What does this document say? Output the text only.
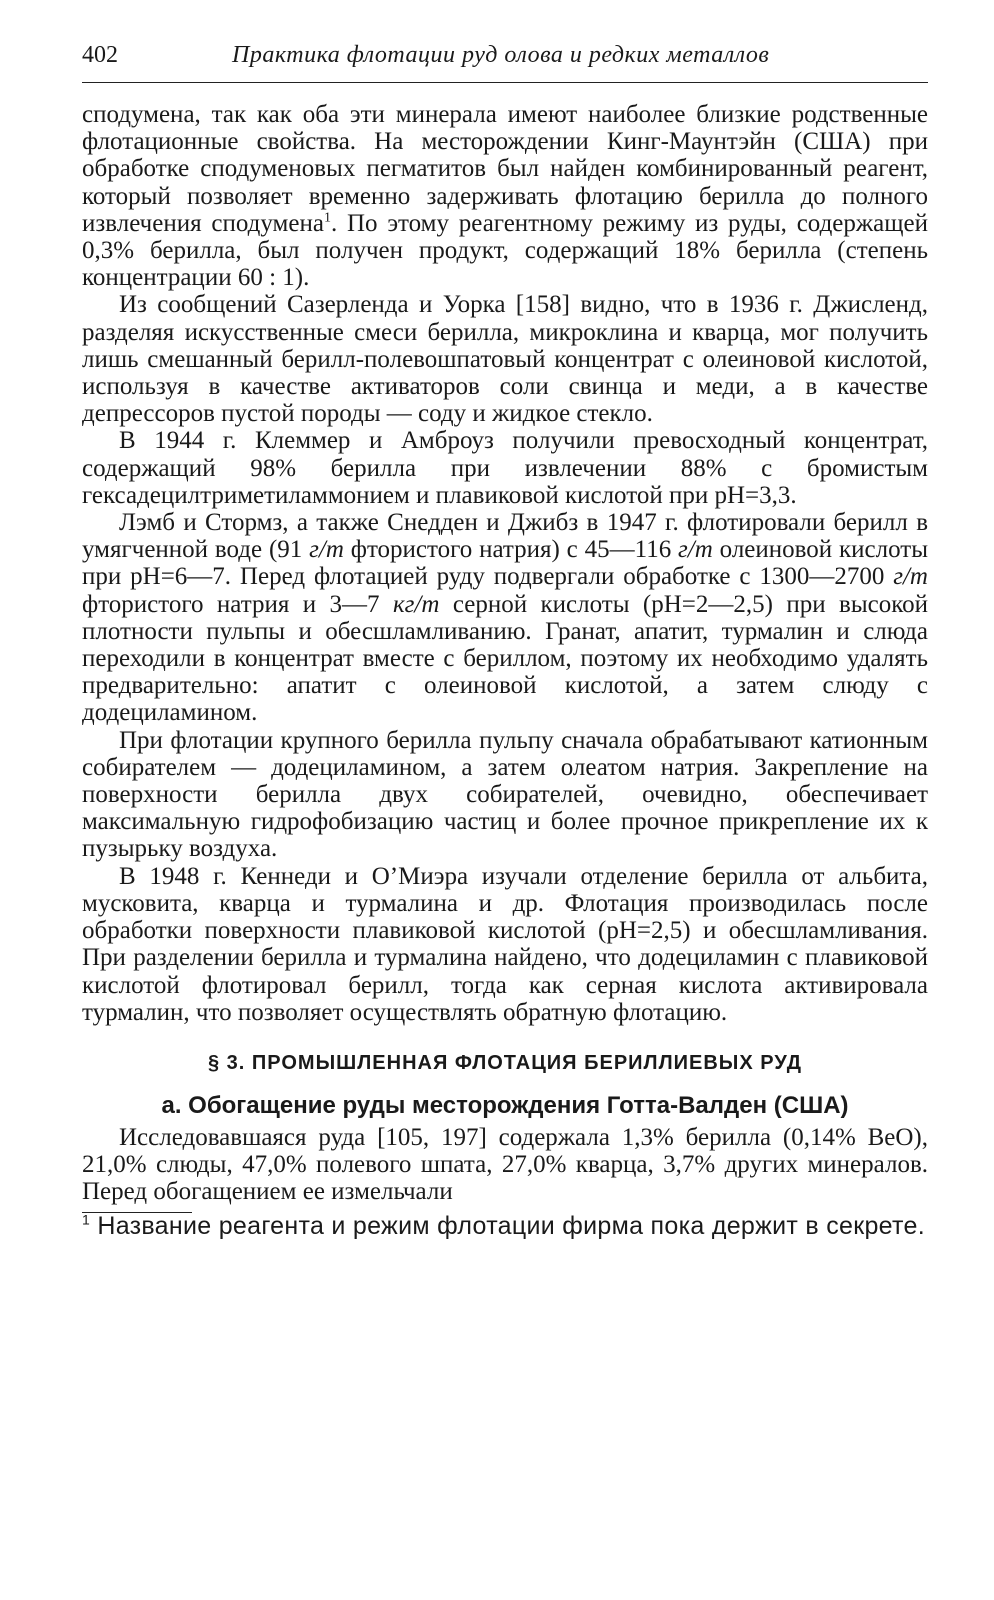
402	Практика флотации руд олова и редких металлов

сподумена, так как оба эти минерала имеют наиболее близкие родственные флотационные свойства. На месторождении Кинг-Маунтэйн (США) при обработке сподуменовых пегматитов был найден комбинированный реагент, который позволяет временно задерживать флотацию берилла до полного извлечения сподумена$^1$. По этому реагентному режиму из руды, содержащей 0,3% берилла, был получен продукт, содержащий 18% берилла (степень концентрации 60 : 1).

Из сообщений Сазерленда и Уорка [158] видно, что в 1936 г. Джисленд, разделяя искусственные смеси берилла, микроклина и кварца, мог получить лишь смешанный берилл-полевошпатовый концентрат с олеиновой кислотой, используя в качестве активаторов соли свинца и меди, а в качестве депрессоров пустой породы — соду и жидкое стекло.

В 1944 г. Клеммер и Амброуз получили превосходный концентрат, содержащий 98% берилла при извлечении 88% с бромистым гексадецилтриметиламмонием и плавиковой кислотой при pH=3,3.

Лэмб и Стормз, а также Снедден и Джибз в 1947 г. флотировали берилл в умягченной воде (91 г/т фтористого натрия) с 45—116 г/т олеиновой кислоты при pH=6—7. Перед флотацией руду подвергали обработке с 1300—2700 г/т фтористого натрия и 3—7 кг/т серной кислоты (pH=2—2,5) при высокой плотности пульпы и обесшламливанию. Гранат, апатит, турмалин и слюда переходили в концентрат вместе с бериллом, поэтому их необходимо удалять предварительно: апатит с олеиновой кислотой, а затем слюду с додециламином.

При флотации крупного берилла пульпу сначала обрабатывают катионным собирателем — додециламином, а затем олеатом натрия. Закрепление на поверхности берилла двух собирателей, очевидно, обеспечивает максимальную гидрофобизацию частиц и более прочное прикрепление их к пузырьку воздуха.

В 1948 г. Кеннеди и О’Миэра изучали отделение берилла от альбита, мусковита, кварца и турмалина и др. Флотация производилась после обработки поверхности плавиковой кислотой (pH=2,5) и обесшламливания. При разделении берилла и турмалина найдено, что додециламин с плавиковой кислотой флотировал берилл, тогда как серная кислота активировала турмалин, что позволяет осуществлять обратную флотацию.

§ 3. ПРОМЫШЛЕННАЯ ФЛОТАЦИЯ БЕРИЛЛИЕВЫХ РУД
а. Обогащение руды месторождения Готта-Валден (США)

Исследовавшаяся руда [105, 197] содержала 1,3% берилла (0,14% BeO), 21,0% слюды, 47,0% полевого шпата, 27,0% кварца, 3,7% других минералов. Перед обогащением ее измельчали

$^1$ Название реагента и режим флотации фирма пока держит в секрете.
